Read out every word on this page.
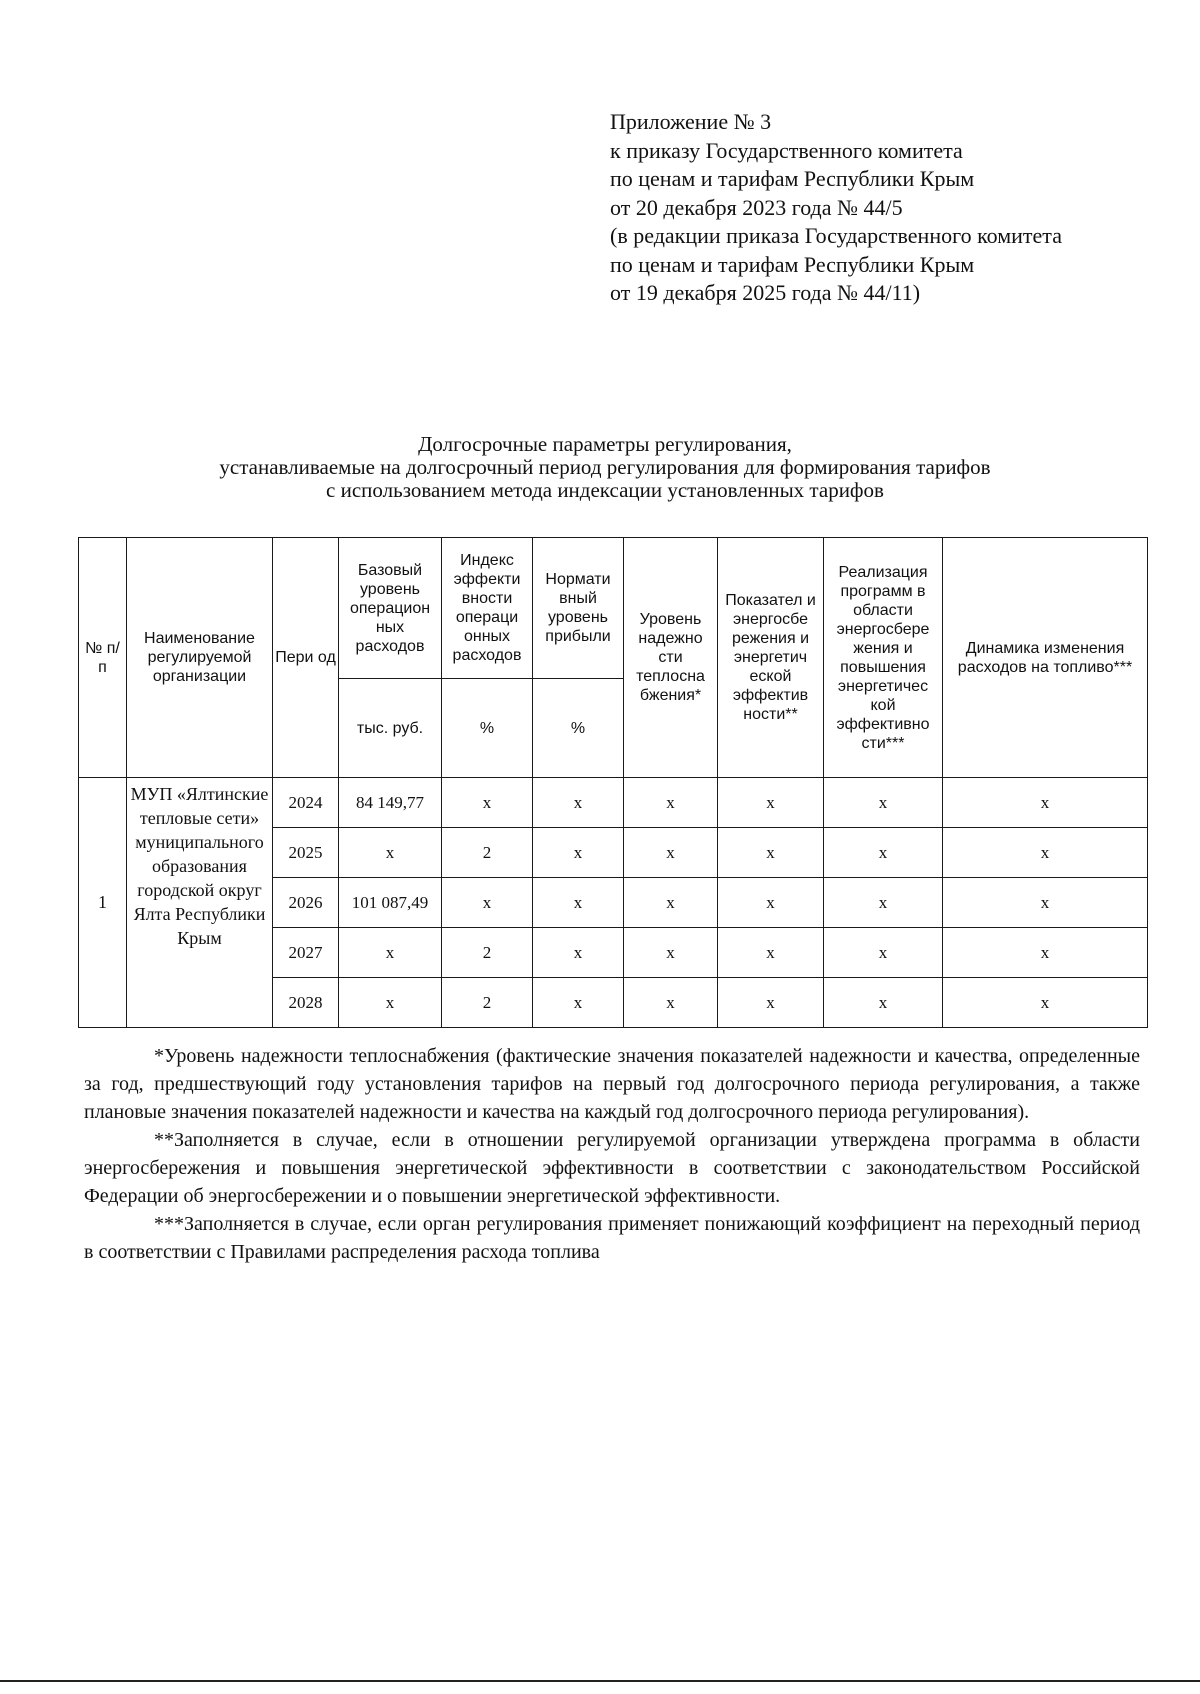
Приложение № 3
к приказу Государственного комитета
по ценам и тарифам Республики Крым
от 20 декабря 2023 года № 44/5
(в редакции приказа Государственного комитета
по ценам и тарифам Республики Крым
от 19 декабря 2025 года № 44/11)
Долгосрочные параметры регулирования,
устанавливаемые на долгосрочный период регулирования для формирования тарифов
с использованием метода индексации установленных тарифов
№ п/п	Наименование регулируемой организации	Пери од	Базовый уровень операцион ных расходов	Индекс эффекти вности операци онных расходов	Нормати вный уровень прибыли	Уровень надежно сти теплосна бжения*	Показател и энергосбе режения и энергетич еской эффектив ности**	Реализация программ в области энергосбере жения и повышения энергетичес кой эффективно сти***	Динамика изменения расходов на топливо***
			тыс. руб.	%	%				
1	МУП «Ялтинские тепловые сети» муниципального образования городской округ Ялта Республики Крым	2024	84 149,77	x	x	x	x	x	x
		2025	x	2	x	x	x	x	x
		2026	101 087,49	x	x	x	x	x	x
		2027	x	2	x	x	x	x	x
		2028	x	2	x	x	x	x	x

*Уровень надежности теплоснабжения (фактические значения показателей надежности и качества, определенные за год, предшествующий году установления тарифов на первый год долгосрочного периода регулирования, а также плановые значения показателей надежности и качества на каждый год долгосрочного периода регулирования).

**Заполняется в случае, если в отношении регулируемой организации утверждена программа в области энергосбережения и повышения энергетической эффективности в соответствии с законодательством Российской Федерации об энергосбережении и о повышении энергетической эффективности.

***Заполняется в случае, если орган регулирования применяет понижающий коэффициент на переходный период в соответствии с Правилами распределения расхода топлива
